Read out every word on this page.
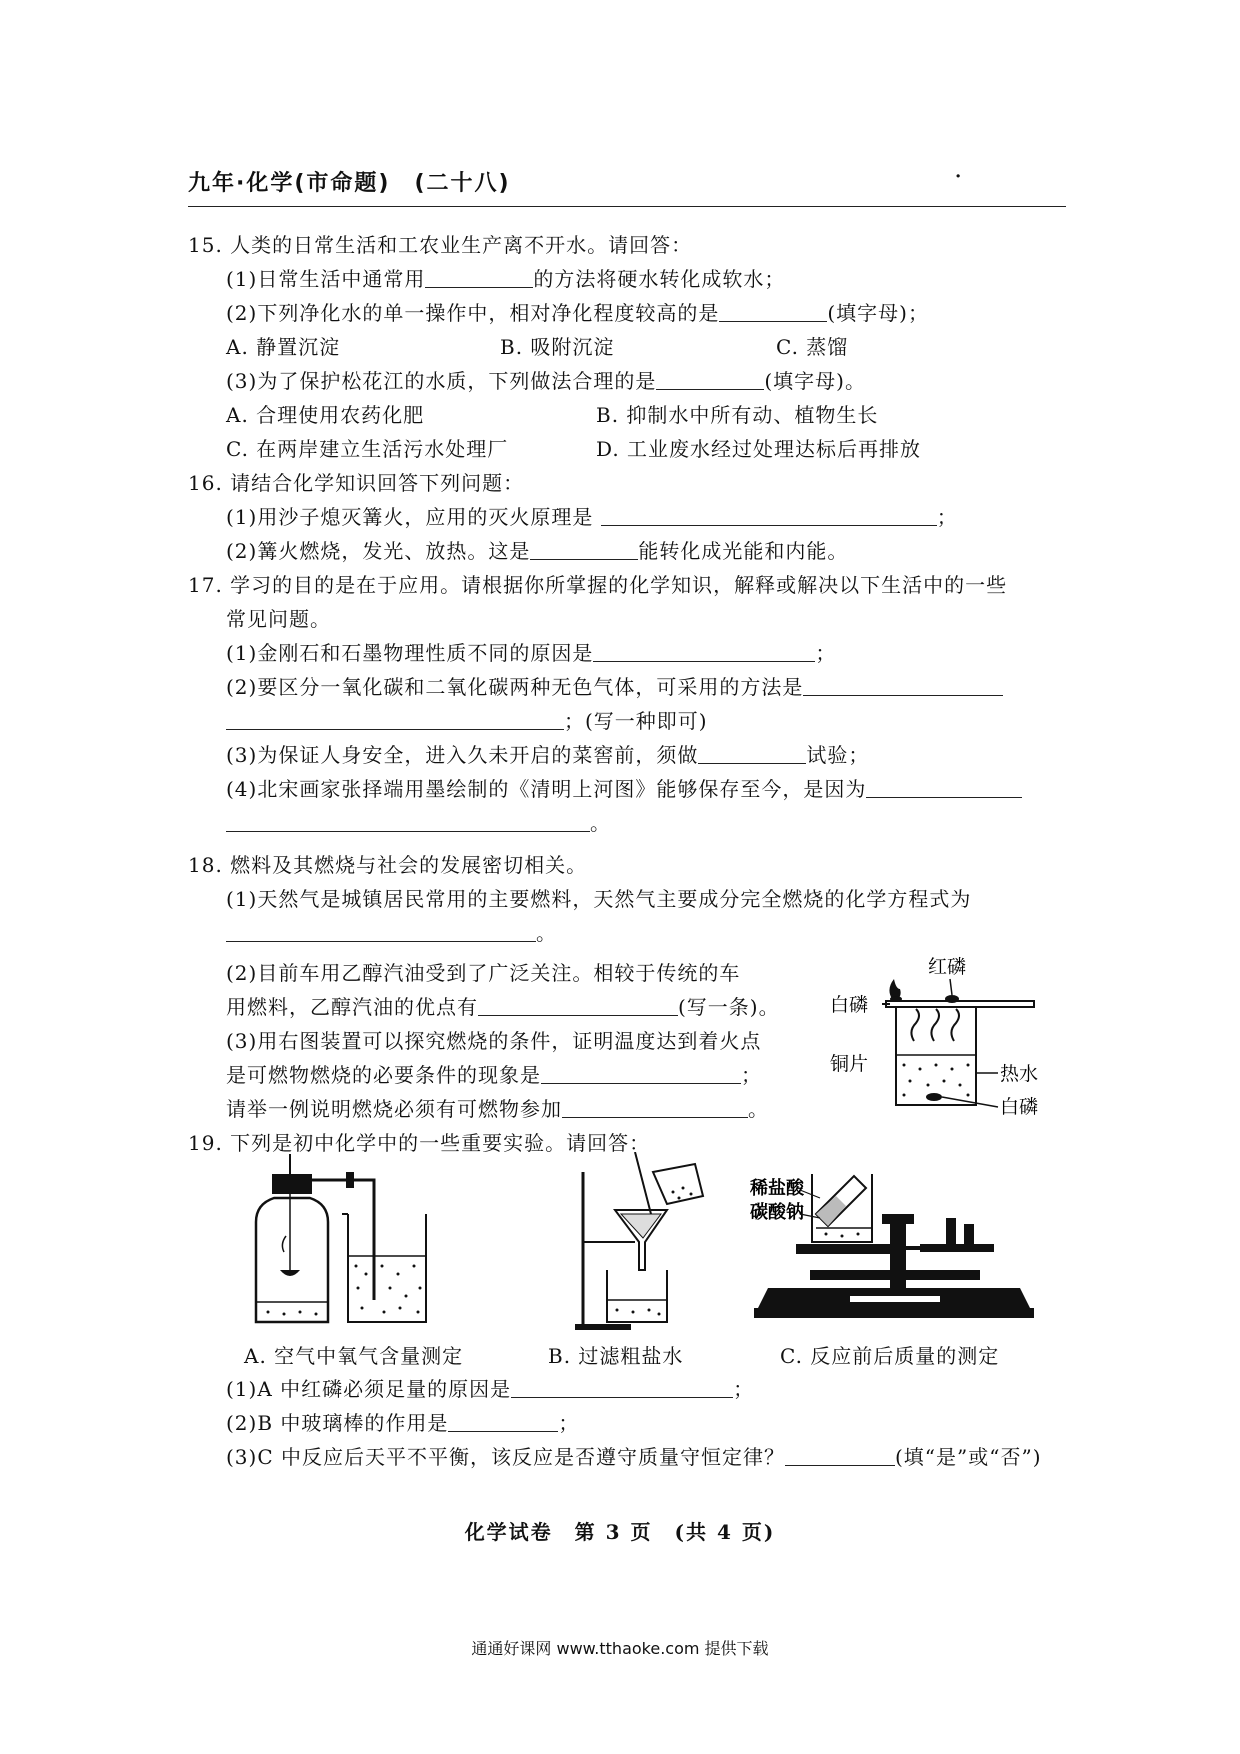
九年·化学(市命题)　(二十八)	·
15. 人类的日常生活和工农业生产离不开水。请回答：
(1)日常生活中通常用	的方法将硬水转化成软水；
(2)下列净化水的单一操作中，相对净化程度较高的是	(填字母)；
A. 静置沉淀	B. 吸附沉淀	C. 蒸馏
(3)为了保护松花江的水质，下列做法合理的是	(填字母)。
A. 合理使用农药化肥	B. 抑制水中所有动、植物生长
C. 在两岸建立生活污水处理厂	D. 工业废水经过处理达标后再排放
16. 请结合化学知识回答下列问题：
(1)用沙子熄灭篝火，应用的灭火原理是	；
(2)篝火燃烧，发光、放热。这是	能转化成光能和内能。
17. 学习的目的是在于应用。请根据你所掌握的化学知识，解释或解决以下生活中的一些
常见问题。
(1)金刚石和石墨物理性质不同的原因是	；
(2)要区分一氧化碳和二氧化碳两种无色气体，可采用的方法是
；(写一种即可)
(3)为保证人身安全，进入久未开启的菜窖前，须做	试验；
(4)北宋画家张择端用墨绘制的《清明上河图》能够保存至今，是因为
。
18. 燃料及其燃烧与社会的发展密切相关。
(1)天然气是城镇居民常用的主要燃料，天然气主要成分完全燃烧的化学方程式为
。
(2)目前车用乙醇汽油受到了广泛关注。相较于传统的车
用燃料，乙醇汽油的优点有	(写一条)。
(3)用右图装置可以探究燃烧的条件，证明温度达到着火点
是可燃物燃烧的必要条件的现象是	；
请举一例说明燃烧必须有可燃物参加	。
红磷
白磷
铜片	热水
白磷
19. 下列是初中化学中的一些重要实验。请回答：
稀盐酸
碳酸钠
A. 空气中氧气含量测定	B. 过滤粗盐水	C. 反应前后质量的测定
(1)A 中红磷必须足量的原因是	；
(2)B 中玻璃棒的作用是	；
(3)C 中反应后天平不平衡，该反应是否遵守质量守恒定律？	(填“是”或“否”)
化学试卷　第 3 页　(共 4 页)
通通好课网 www.tthaoke.com 提供下载
